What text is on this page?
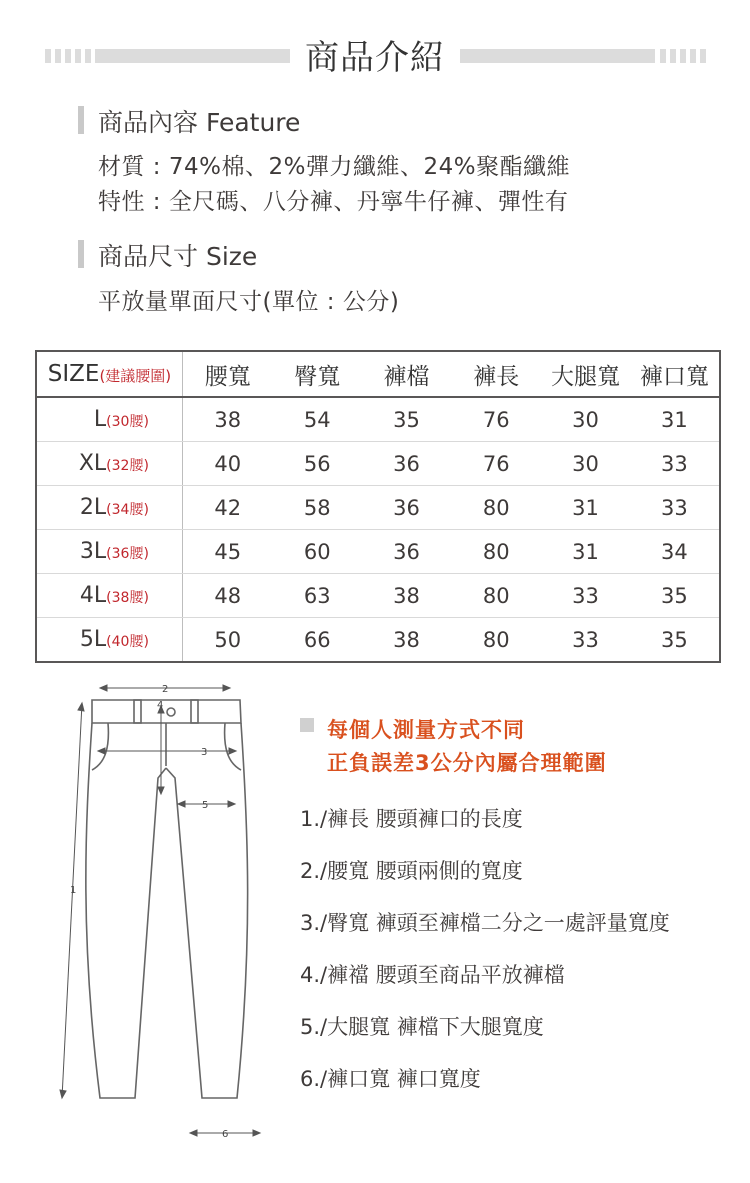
商品介紹
商品內容 Feature
材質 : 74%棉、2%彈力纖維、24%聚酯纖維
特性 : 全尺碼、八分褲、丹寧牛仔褲、彈性有
商品尺寸 Size
平放量單面尺寸(單位 : 公分)
SIZE(建議腰圍)	腰寬	臀寬	褲檔	褲長	大腿寬	褲口寬
L(30腰)	38	54	35	76	30	31
XL(32腰)	40	56	36	76	30	33
2L(34腰)	42	58	36	80	31	33
3L(36腰)	45	60	36	80	31	34
4L(38腰)	48	63	38	80	33	35
5L(40腰)	50	66	38	80	33	35
2
4
3
5
1
6
每個人測量方式不同
正負誤差3公分內屬合理範圍
1./褲長 腰頭褲口的長度
2./腰寬 腰頭兩側的寬度
3./臀寬 褲頭至褲檔二分之一處評量寬度
4./褲襠 腰頭至商品平放褲檔
5./大腿寬 褲檔下大腿寬度
6./褲口寬 褲口寬度
